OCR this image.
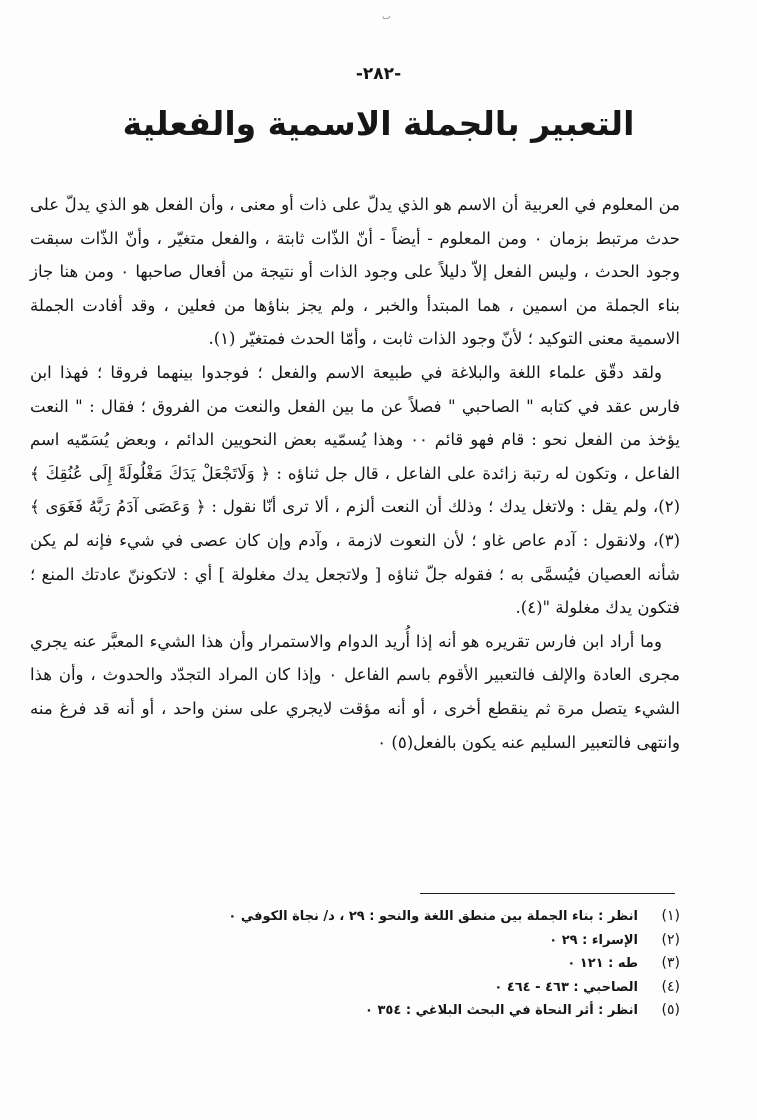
ٮ
-٢٨٢-
التعبير بالجملة الاسمية والفعلية

من المعلوم في العربية أن الاسم هو الذي يدلّ على ذات أو معنى ، وأن الفعل هو الذي يدلّ على حدث مرتبط بزمان ٠ ومن المعلوم - أيضاً - أنّ الذّات ثابتة ، والفعل متغيّر ، وأنّ الذّات سبقت وجود الحدث ، وليس الفعل إلاّ دليلاً على وجود الذات أو نتيجة من أفعال صاحبها ٠ ومن هنا جاز بناء الجملة من اسمين ، هما المبتدأ والخبر ، ولم يجز بناؤها من فعلين ، وقد أفادت الجملة الاسمية معنى التوكيد ؛ لأنّ وجود الذات ثابت ، وأمّا الحدث فمتغيّر (١).

ولقد دقّق علماء اللغة والبلاغة في طبيعة الاسم والفعل ؛ فوجدوا بينهما فروقا ؛ فهذا ابن فارس عقد في كتابه " الصاحبي " فصلاً عن ما بين الفعل والنعت من الفروق ؛ فقال : " النعت يؤخذ من الفعل نحو : قام فهو قائم ٠٠ وهذا يُسمّيه بعض النحويين الدائم ، وبعض يُسَمّيه اسم الفاعل ، وتكون له رتبة زائدة على الفاعل ، قال جل ثناؤه : ﴿ وَلَاتَجْعَلْ يَدَكَ مَغْلُولَةً إِلَى عُنُقِكَ ﴾(٢)، ولم يقل : ولاتغل يدك ؛ وذلك أن النعت ألزم ، ألا ترى أنّا نقول : ﴿ وَعَصَى آدَمُ رَبَّهُ فَغَوَى ﴾(٣)، ولانقول : آدم عاص غاو ؛ لأن النعوت لازمة ، وآدم وإن كان عصى في شيء فإنه لم يكن شأنه العصيان فيُسمَّى به ؛ فقوله جلّ ثناؤه [ ولاتجعل يدك مغلولة ] أي : لاتكوننّ عادتك المنع ؛ فتكون يدك مغلولة "(٤).

وما أراد ابن فارس تقريره هو أنه إذا أُريد الدوام والاستمرار وأن هذا الشيء المعبَّر عنه يجري مجرى العادة والإلف فالتعبير الأقوم باسم الفاعل ٠ وإذا كان المراد التجدّد والحدوث ، وأن هذا الشيء يتصل مرة ثم ينقطع أخرى ، أو أنه مؤقت لايجري على سنن واحد ، أو أنه قد فرغ منه وانتهى فالتعبير السليم عنه يكون بالفعل(٥) ٠

(١)
انظر : بناء الجملة بين منطق اللغة والنحو : ٢٩ ، د/ نجاة الكوفي ٠
(٢)
الإسراء : ٢٩ ٠
(٣)
طه : ١٢١ ٠
(٤)
الصاحبي : ٤٦٣ - ٤٦٤ ٠
(٥)
انظر : أثر النحاة في البحث البلاغي : ٣٥٤ ٠
